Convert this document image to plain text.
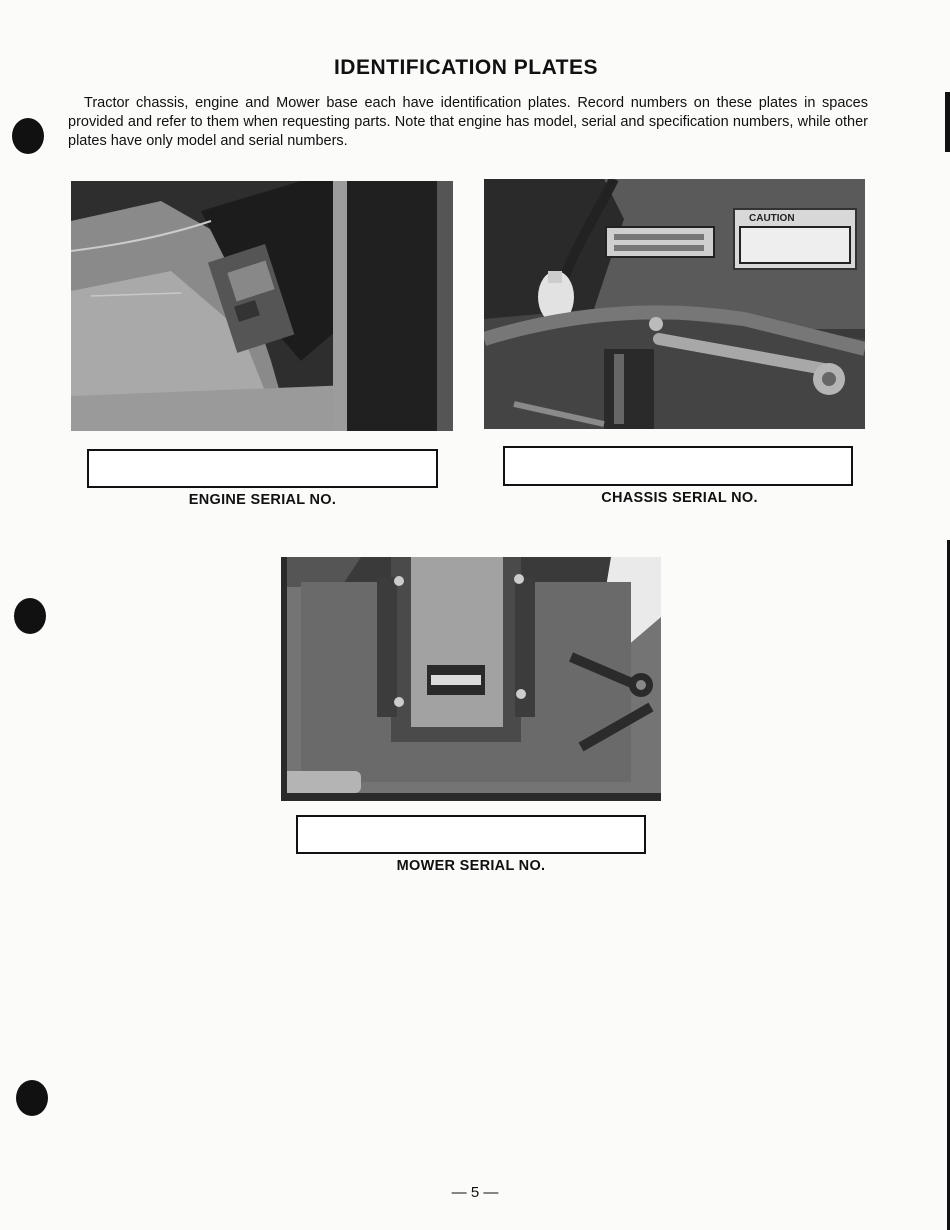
IDENTIFICATION PLATES
Tractor chassis, engine and Mower base each have identification plates. Record numbers on these plates in spaces provided and refer to them when requesting parts. Note that engine has model, serial and specification numbers, while other plates have only model and serial numbers.
CAUTION
ENGINE SERIAL NO.	CHASSIS SERIAL NO.
MOWER SERIAL NO.
— 5 —
